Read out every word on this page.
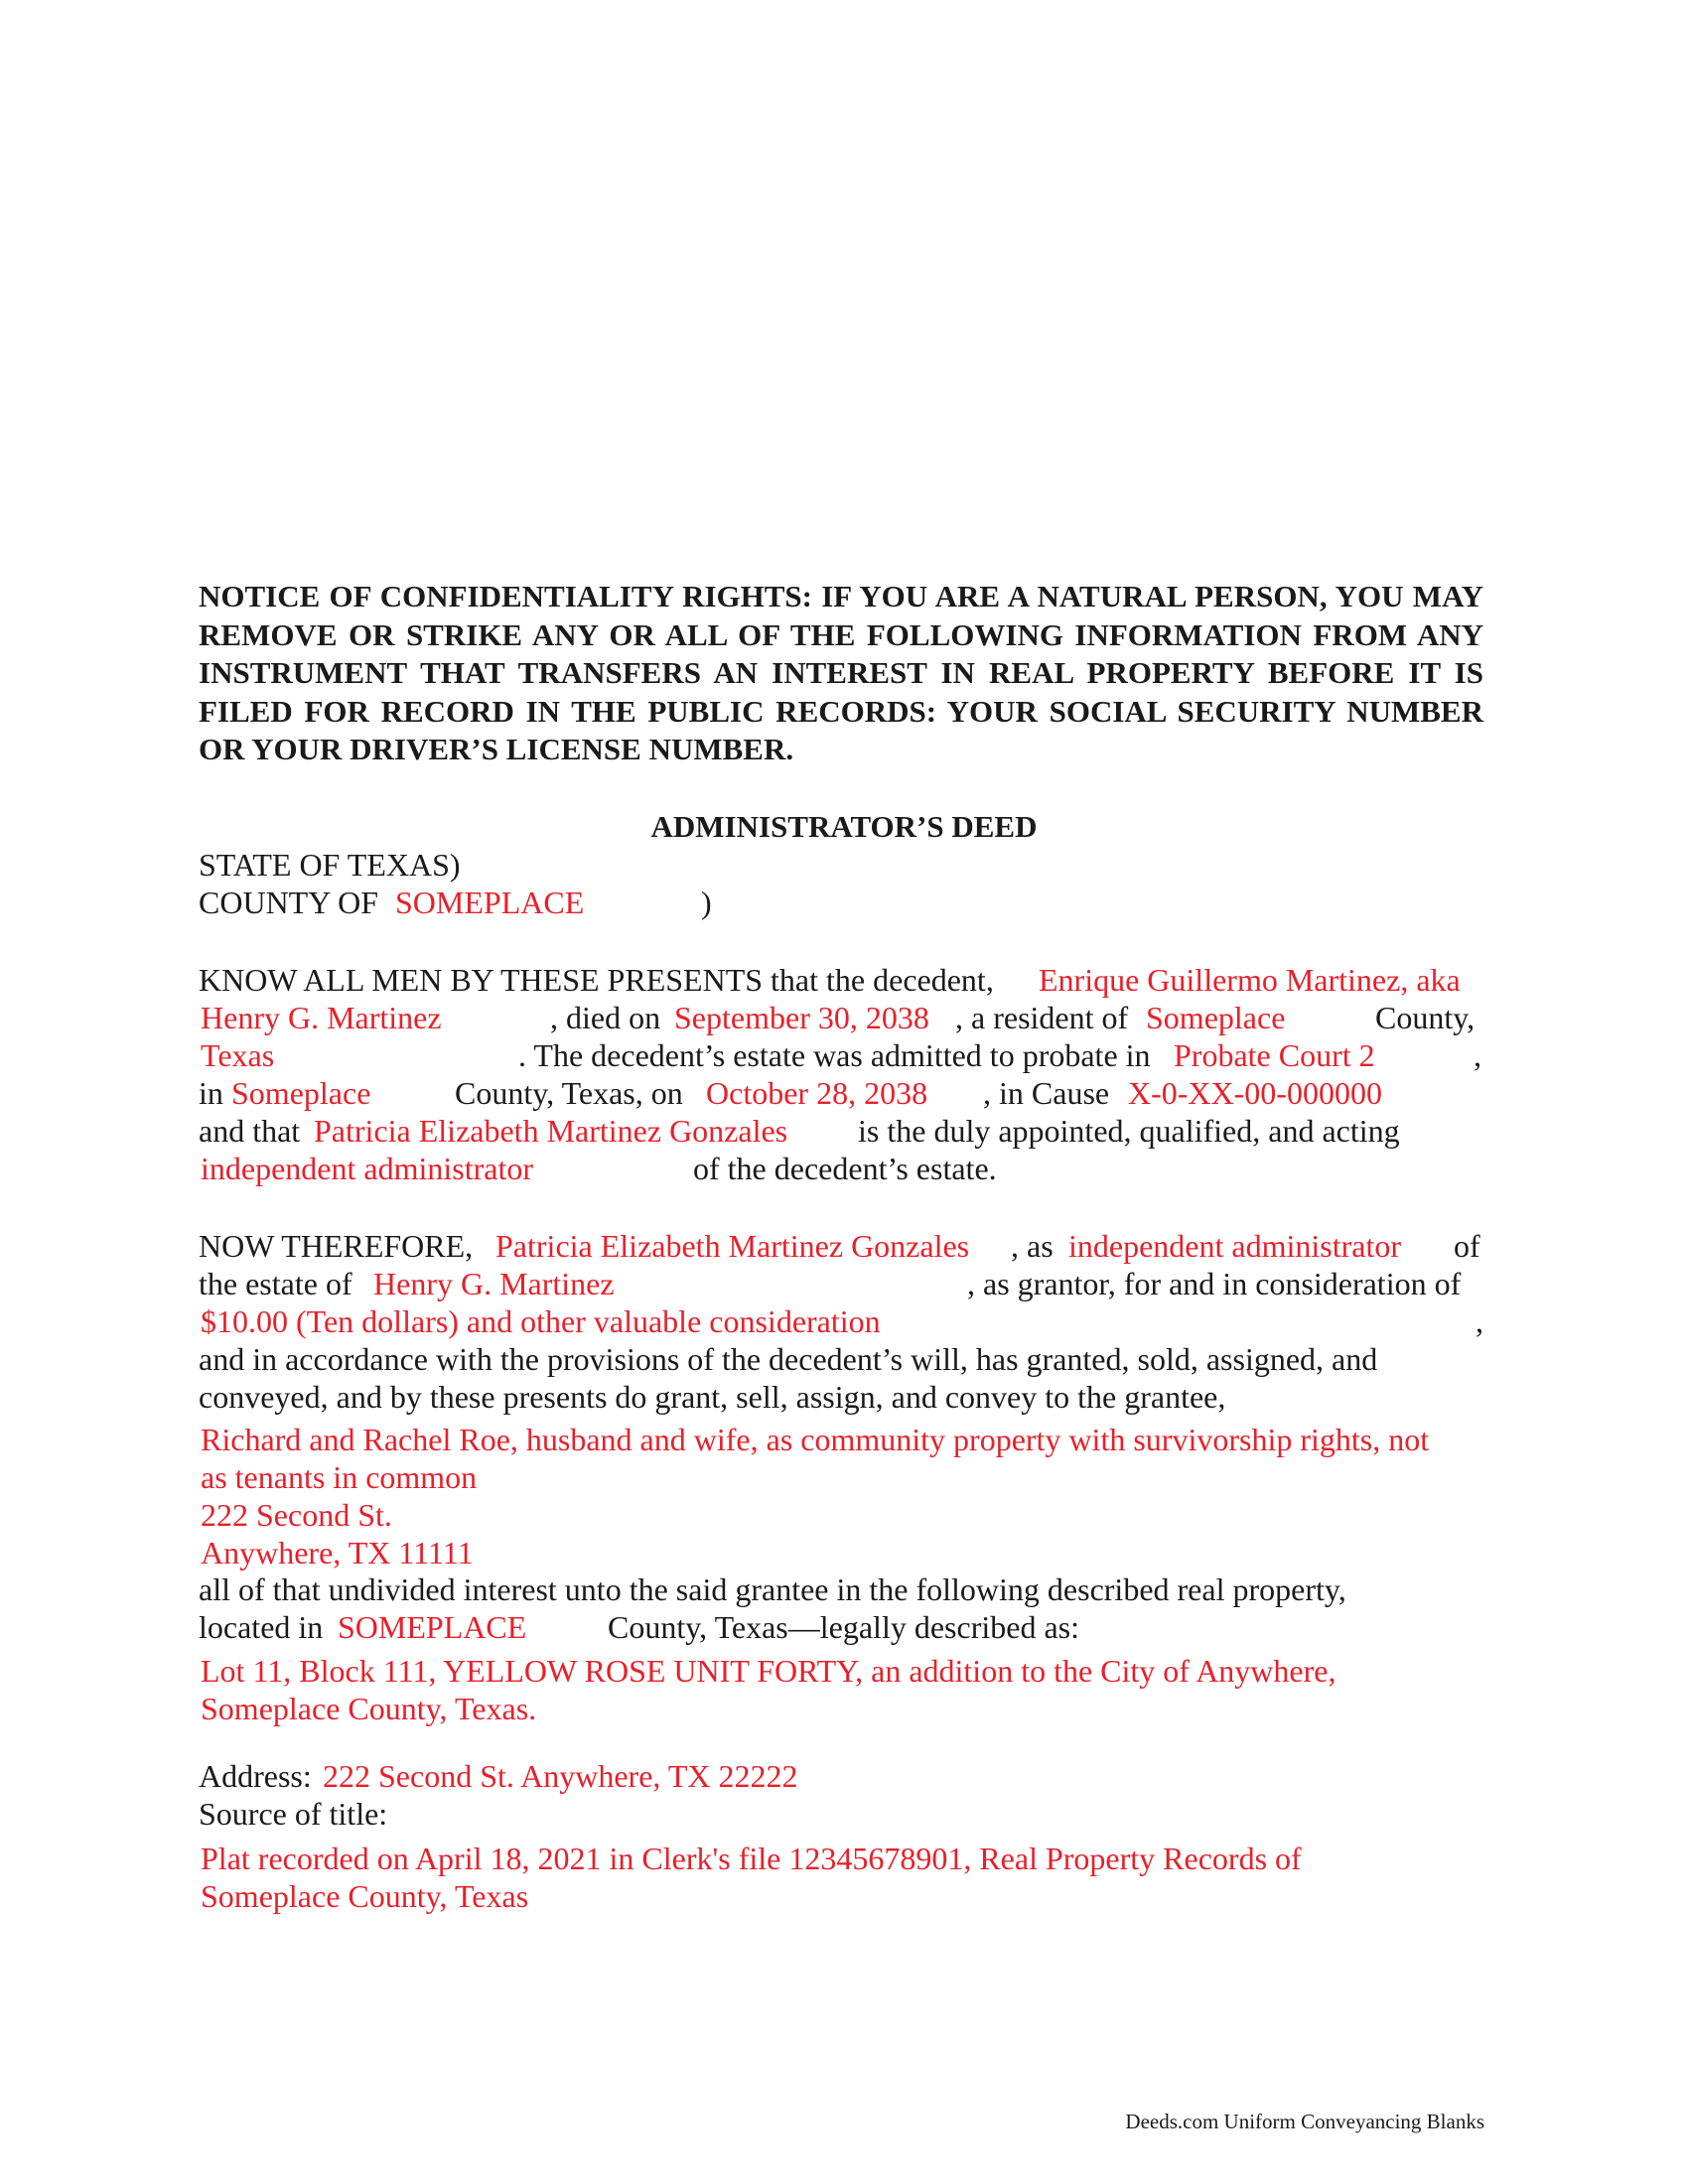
NOTICE OF CONFIDENTIALITY RIGHTS: IF YOU ARE A NATURAL PERSON, YOU MAY REMOVE OR STRIKE ANY OR ALL OF THE FOLLOWING INFORMATION FROM ANY INSTRUMENT THAT TRANSFERS AN INTEREST IN REAL PROPERTY BEFORE IT IS FILED FOR RECORD IN THE PUBLIC RECORDS: YOUR SOCIAL SECURITY NUMBER OR YOUR DRIVER’S LICENSE NUMBER.
ADMINISTRATOR’S DEED
STATE OF TEXAS)
COUNTY OF SOMEPLACE	)
KNOW ALL MEN BY THESE PRESENTS that the decedent, Enrique Guillermo Martinez, aka
Henry G. Martinez	, died on September 30, 2038 , a resident of Someplace	County,
Texas	. The decedent’s estate was admitted to probate in Probate Court 2	,
in Someplace	County, Texas, on October 28, 2038 , in Cause X-0-XX-00-000000
and that Patricia Elizabeth Martinez Gonzales is the duly appointed, qualified, and acting
independent administrator	of the decedent’s estate.
NOW THEREFORE, Patricia Elizabeth Martinez Gonzales , as independent administrator of
the estate of Henry G. Martinez	, as grantor, for and in consideration of
$10.00 (Ten dollars) and other valuable consideration	,
and in accordance with the provisions of the decedent’s will, has granted, sold, assigned, and
conveyed, and by these presents do grant, sell, assign, and convey to the grantee,
Richard and Rachel Roe, husband and wife, as community property with survivorship rights, not
as tenants in common
222 Second St.
Anywhere, TX 11111
all of that undivided interest unto the said grantee in the following described real property,
located in SOMEPLACE	County, Texas—legally described as:
Lot 11, Block 111, YELLOW ROSE UNIT FORTY, an addition to the City of Anywhere,
Someplace County, Texas.
Address: 222 Second St. Anywhere, TX 22222
Source of title:
Plat recorded on April 18, 2021 in Clerk's file 12345678901, Real Property Records of
Someplace County, Texas
Deeds.com Uniform Conveyancing Blanks
